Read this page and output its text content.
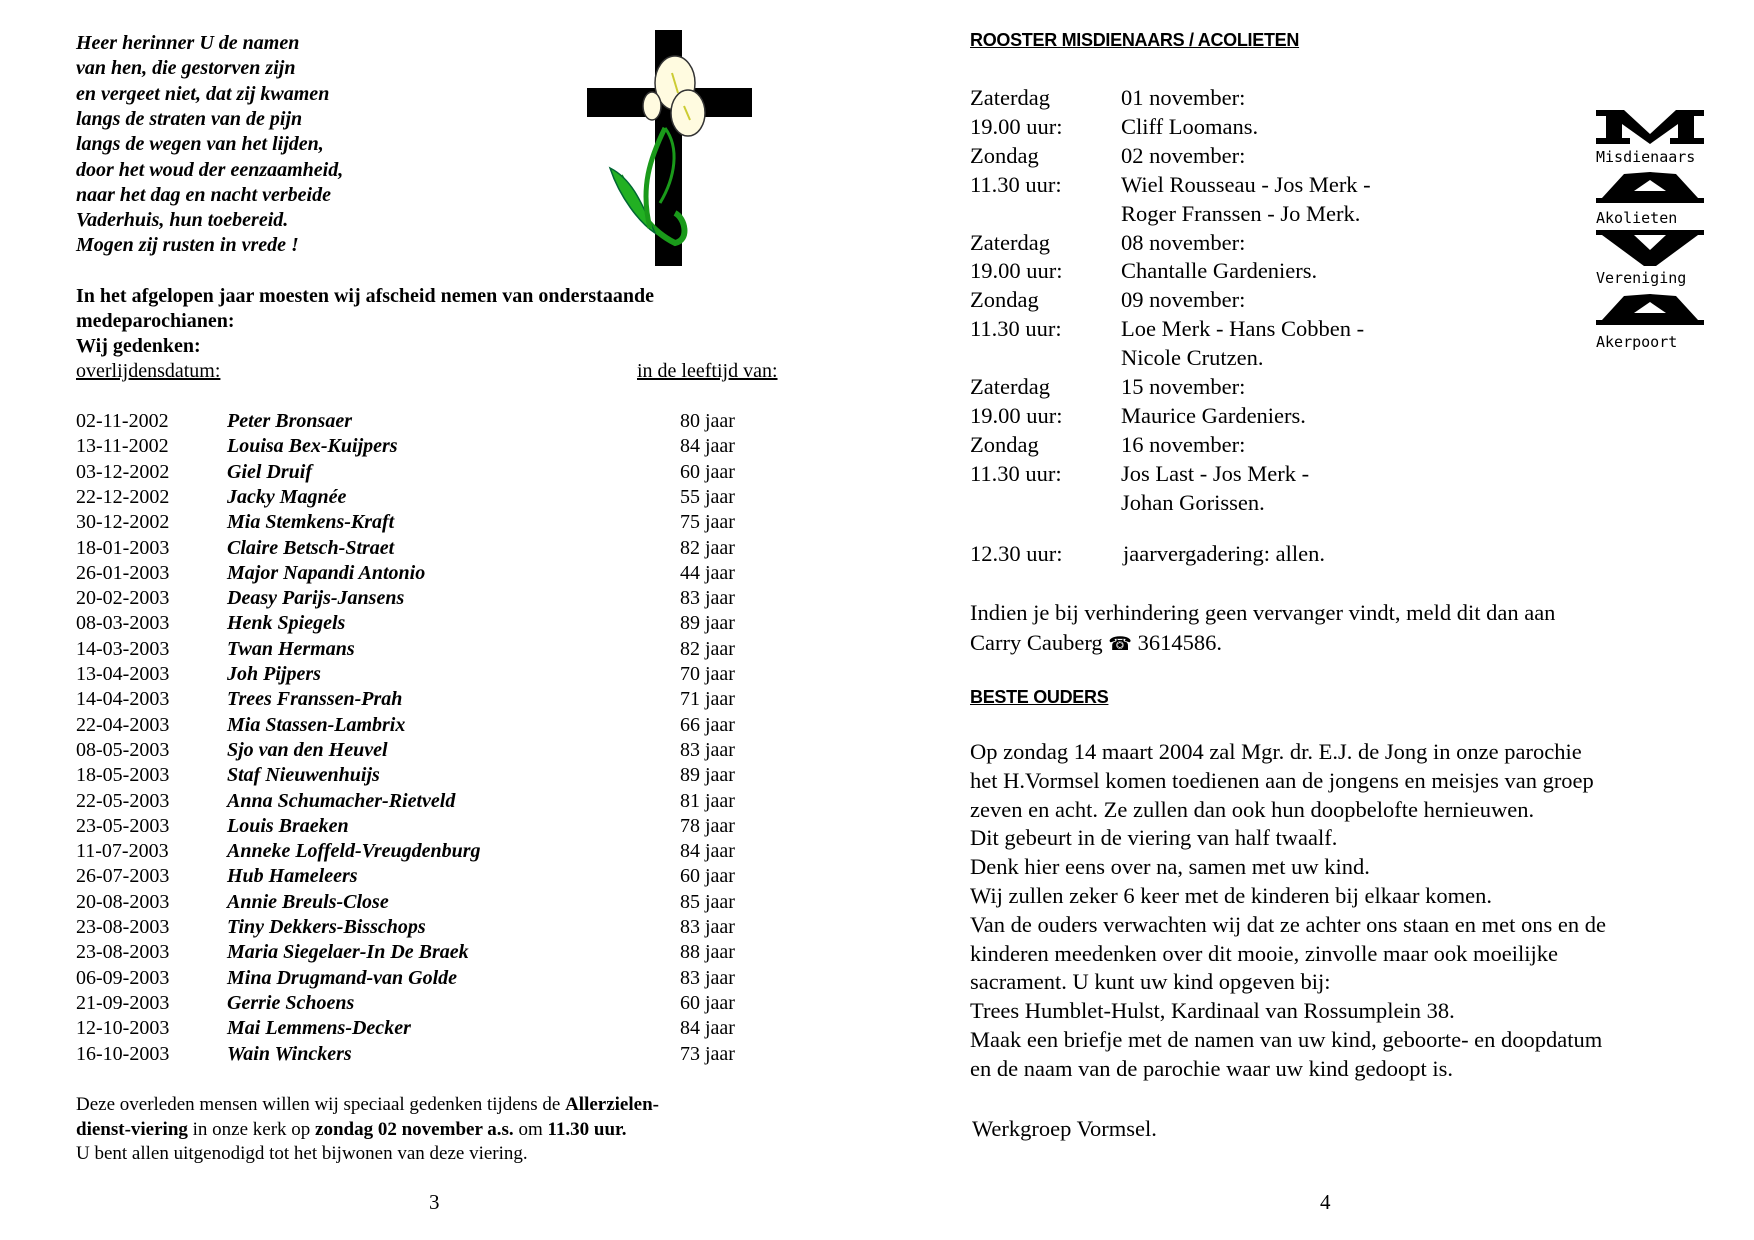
Heer herinner U de namen
van hen, die gestorven zijn
en vergeet niet, dat zij kwamen
langs de straten van de pijn
langs de wegen van het lijden,
door het woud der eenzaamheid,
naar het dag en nacht verbeide
Vaderhuis, hun toebereid.
Mogen zij rusten in vrede !
In het afgelopen jaar moesten wij afscheid nemen van onderstaande
medeparochianen:
Wij gedenken:
overlijdensdatum:	in de leeftijd van:
02-11-2002	Peter Bronsaer	80 jaar
13-11-2002	Louisa Bex-Kuijpers	84 jaar
03-12-2002	Giel Druif	60 jaar
22-12-2002	Jacky Magnée	55 jaar
30-12-2002	Mia Stemkens-Kraft	75 jaar
18-01-2003	Claire Betsch-Straet	82 jaar
26-01-2003	Major Napandi Antonio	44 jaar
20-02-2003	Deasy Parijs-Jansens	83 jaar
08-03-2003	Henk Spiegels	89 jaar
14-03-2003	Twan Hermans	82 jaar
13-04-2003	Joh Pijpers	70 jaar
14-04-2003	Trees Franssen-Prah	71 jaar
22-04-2003	Mia Stassen-Lambrix	66 jaar
08-05-2003	Sjo van den Heuvel	83 jaar
18-05-2003	Staf Nieuwenhuijs	89 jaar
22-05-2003	Anna Schumacher-Rietveld	81 jaar
23-05-2003	Louis Braeken	78 jaar
11-07-2003	Anneke Loffeld-Vreugdenburg	84 jaar
26-07-2003	Hub Hameleers	60 jaar
20-08-2003	Annie Breuls-Close	85 jaar
23-08-2003	Tiny Dekkers-Bisschops	83 jaar
23-08-2003	Maria Siegelaer-In De Braek	88 jaar
06-09-2003	Mina Drugmand-van Golde	83 jaar
21-09-2003	Gerrie Schoens	60 jaar
12-10-2003	Mai Lemmens-Decker	84 jaar
16-10-2003	Wain Winckers	73 jaar
Deze overleden mensen willen wij speciaal gedenken tijdens de Allerzielen-
dienst-viering in onze kerk op zondag 02 november a.s. om 11.30 uur.
U bent allen uitgenodigd tot het bijwonen van deze viering.
3
ROOSTER MISDIENAARS / ACOLIETEN
Zaterdag	01 november:
19.00 uur:	Cliff Loomans.
Zondag	02 november:
11.30 uur:	Wiel Rousseau - Jos Merk -
Roger Franssen - Jo Merk.
Zaterdag	08 november:
19.00 uur:	Chantalle Gardeniers.
Zondag	09 november:
11.30 uur:	Loe Merk - Hans Cobben -
Nicole Crutzen.
Zaterdag	15 november:
19.00 uur:	Maurice Gardeniers.
Zondag	16 november:
11.30 uur:	Jos Last - Jos Merk -
Johan Gorissen.
12.30 uur:	jaarvergadering: allen.
Indien je bij verhindering geen vervanger vindt, meld dit dan aan
Carry Cauberg ☎ 3614586.
BESTE OUDERS
Op zondag 14 maart 2004 zal Mgr. dr. E.J. de Jong in onze parochie
het H.Vormsel komen toedienen aan de jongens en meisjes van groep
zeven en acht. Ze zullen dan ook hun doopbelofte hernieuwen.
Dit gebeurt in de viering van half twaalf.
Denk hier eens over na, samen met uw kind.
Wij zullen zeker 6 keer met de kinderen bij elkaar komen.
Van de ouders verwachten wij dat ze achter ons staan en met ons en de
kinderen meedenken over dit mooie, zinvolle maar ook moeilijke
sacrament. U kunt uw kind opgeven bij:
Trees Humblet-Hulst, Kardinaal van Rossumplein 38.
Maak een briefje met de namen van uw kind, geboorte- en doopdatum
en de naam van de parochie waar uw kind gedoopt is.
Werkgroep Vormsel.
4
Misdienaars
Akolieten
Vereniging
Akerpoort
